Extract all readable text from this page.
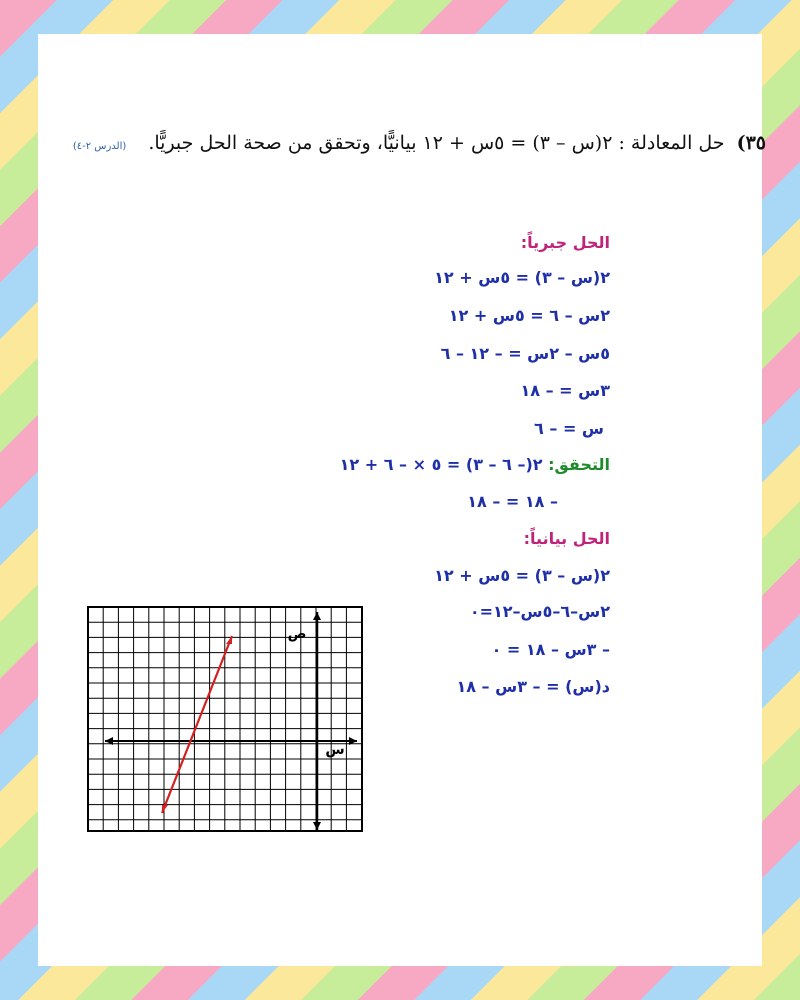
٣٥) حل المعادلة : ٢(س – ٣) = ٥س + ١٢ بيانيًّا، وتحقق من صحة الحل جبريًّا. (الدرس ٢-٤)
الحل جبرياً:
٢(س – ٣) = ٥س + ١٢
٢س – ٦ = ٥س + ١٢
٥س – ٢س = – ١٢ – ٦
٣س = – ١٨
س = – ٦
التحقق: ٢(– ٦ – ٣) = ٥ × – ٦ + ١٢
– ١٨ = – ١٨
الحل بيانياً:
٢(س – ٣) = ٥س + ١٢
٢س–٦–٥س–١٢=٠
– ٣س – ١٨ = ٠
د(س) = – ٣س – ١٨
ص
س
